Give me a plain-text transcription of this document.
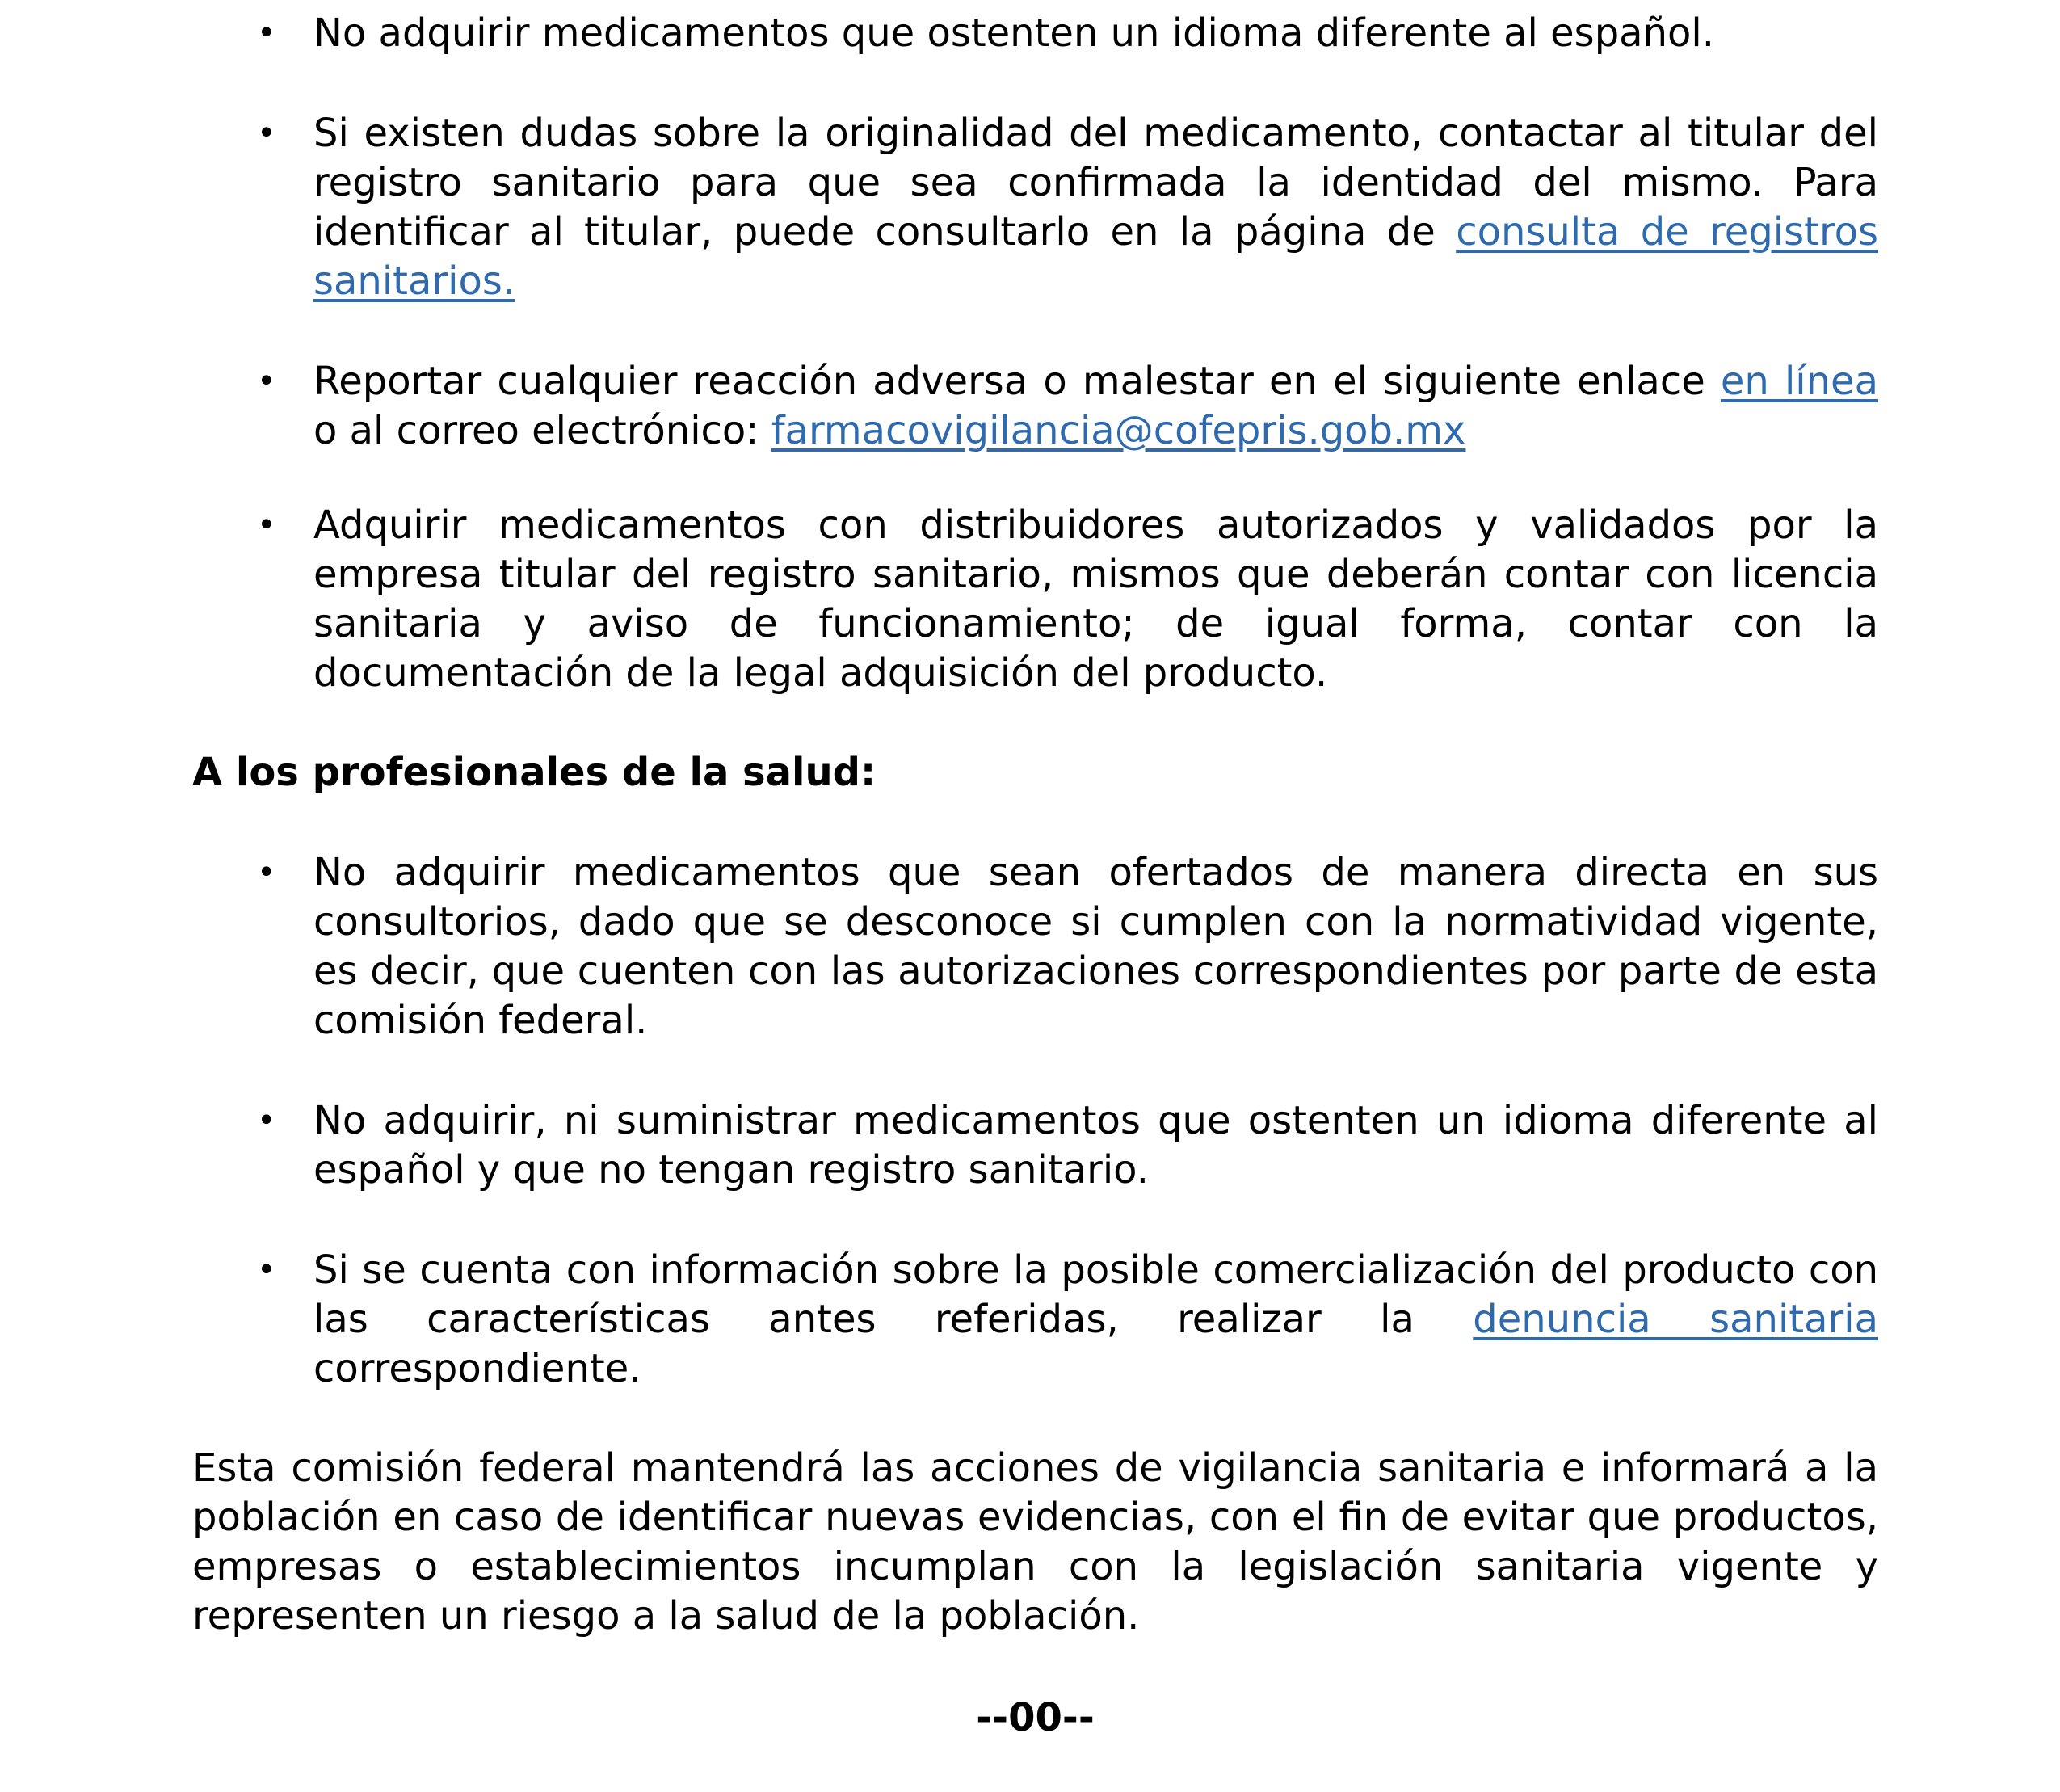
• No adquirir medicamentos que ostenten un idioma diferente al español.
• Si existen dudas sobre la originalidad del medicamento, contactar al titular del registro sanitario para que sea confirmada la identidad del mismo. Para identificar al titular, puede consultarlo en la página de consulta de registros sanitarios.
• Reportar cualquier reacción adversa o malestar en el siguiente enlace en línea o al correo electrónico: farmacovigilancia@cofepris.gob.mx
• Adquirir medicamentos con distribuidores autorizados y validados por la empresa titular del registro sanitario, mismos que deberán contar con licencia sanitaria y aviso de funcionamiento; de igual forma, contar con la documentación de la legal adquisición del producto.
A los profesionales de la salud:
• No adquirir medicamentos que sean ofertados de manera directa en sus consultorios, dado que se desconoce si cumplen con la normatividad vigente, es decir, que cuenten con las autorizaciones correspondientes por parte de esta comisión federal.
• No adquirir, ni suministrar medicamentos que ostenten un idioma diferente al español y que no tengan registro sanitario.
• Si se cuenta con información sobre la posible comercialización del producto con las características antes referidas, realizar la denuncia sanitaria correspondiente.

Esta comisión federal mantendrá las acciones de vigilancia sanitaria e informará a la población en caso de identificar nuevas evidencias, con el fin de evitar que productos, empresas o establecimientos incumplan con la legislación sanitaria vigente y representen un riesgo a la salud de la población.

--00--
